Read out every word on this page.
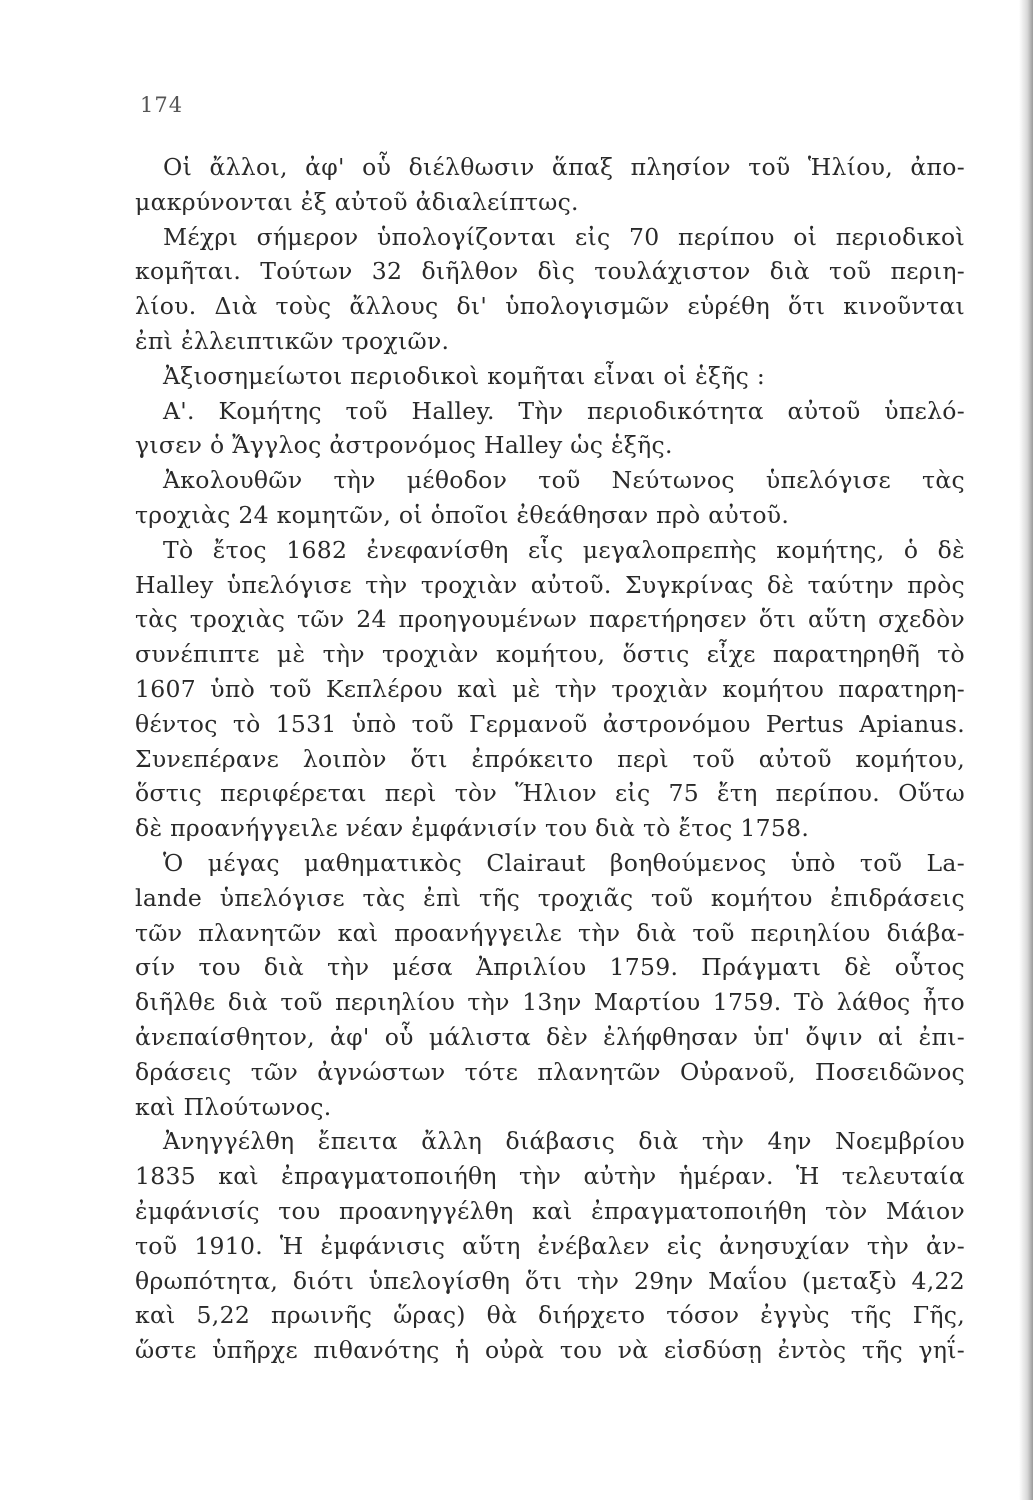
174
Οἱ ἄλλοι, ἀφ' οὗ διέλθωσιν ἅπαξ πλησίον τοῦ Ἡλίου, ἀπο-
μακρύνονται ἐξ αὐτοῦ ἀδιαλείπτως.
Μέχρι σήμερον ὑπολογίζονται εἰς 70 περίπου οἱ περιοδικοὶ
κομῆται. Τούτων 32 διῆλθον δὶς τουλάχιστον διὰ τοῦ περιη-
λίου. Διὰ τοὺς ἄλλους δι' ὑπολογισμῶν εὑρέθη ὅτι κινοῦνται
ἐπὶ ἐλλειπτικῶν τροχιῶν.
Ἀξιοσημείωτοι περιοδικοὶ κομῆται εἶναι οἱ ἑξῆς :
Α'. Κομήτης τοῦ Halley. Τὴν περιοδικότητα αὐτοῦ ὑπελό-
γισεν ὁ Ἄγγλος ἀστρονόμος Halley ὡς ἑξῆς.
Ἀκολουθῶν τὴν μέθοδον τοῦ Νεύτωνος ὑπελόγισε τὰς
τροχιὰς 24 κομητῶν, οἱ ὁποῖοι ἐθεάθησαν πρὸ αὐτοῦ.
Τὸ ἔτος 1682 ἐνεφανίσθη εἷς μεγαλοπρεπὴς κομήτης, ὁ δὲ
Halley ὑπελόγισε τὴν τροχιὰν αὐτοῦ. Συγκρίνας δὲ ταύτην πρὸς
τὰς τροχιὰς τῶν 24 προηγουμένων παρετήρησεν ὅτι αὕτη σχεδὸν
συνέπιπτε μὲ τὴν τροχιὰν κομήτου, ὅστις εἶχε παρατηρηθῆ τὸ
1607 ὑπὸ τοῦ Κεπλέρου καὶ μὲ τὴν τροχιὰν κομήτου παρατηρη-
θέντος τὸ 1531 ὑπὸ τοῦ Γερμανοῦ ἀστρονόμου Pertus Apianus.
Συνεπέρανε λοιπὸν ὅτι ἐπρόκειτο περὶ τοῦ αὐτοῦ κομήτου,
ὅστις περιφέρεται περὶ τὸν Ἥλιον εἰς 75 ἔτη περίπου. Οὕτω
δὲ προανήγγειλε νέαν ἐμφάνισίν του διὰ τὸ ἔτος 1758.
Ὁ μέγας μαθηματικὸς Clairaut βοηθούμενος ὑπὸ τοῦ La-
lande ὑπελόγισε τὰς ἐπὶ τῆς τροχιᾶς τοῦ κομήτου ἐπιδράσεις
τῶν πλανητῶν καὶ προανήγγειλε τὴν διὰ τοῦ περιηλίου διάβα-
σίν του διὰ τὴν μέσα Ἀπριλίου 1759. Πράγματι δὲ οὗτος
διῆλθε διὰ τοῦ περιηλίου τὴν 13ην Μαρτίου 1759. Τὸ λάθος ἦτο
ἀνεπαίσθητον, ἀφ' οὗ μάλιστα δὲν ἐλήφθησαν ὑπ' ὄψιν αἱ ἐπι-
δράσεις τῶν ἀγνώστων τότε πλανητῶν Οὐρανοῦ, Ποσειδῶνος
καὶ Πλούτωνος.
Ἀνηγγέλθη ἔπειτα ἄλλη διάβασις διὰ τὴν 4ην Νοεμβρίου
1835 καὶ ἐπραγματοποιήθη τὴν αὐτὴν ἡμέραν. Ἡ τελευταία
ἐμφάνισίς του προανηγγέλθη καὶ ἐπραγματοποιήθη τὸν Μάιον
τοῦ 1910. Ἡ ἐμφάνισις αὕτη ἐνέβαλεν εἰς ἀνησυχίαν τὴν ἀν-
θρωπότητα, διότι ὑπελογίσθη ὅτι τὴν 29ην Μαΐου (μεταξὺ 4,22
καὶ 5,22 πρωινῆς ὥρας) θὰ διήρχετο τόσον ἐγγὺς τῆς Γῆς,
ὥστε ὑπῆρχε πιθανότης ἡ οὐρὰ του νὰ εἰσδύσῃ ἐντὸς τῆς γηΐ-
